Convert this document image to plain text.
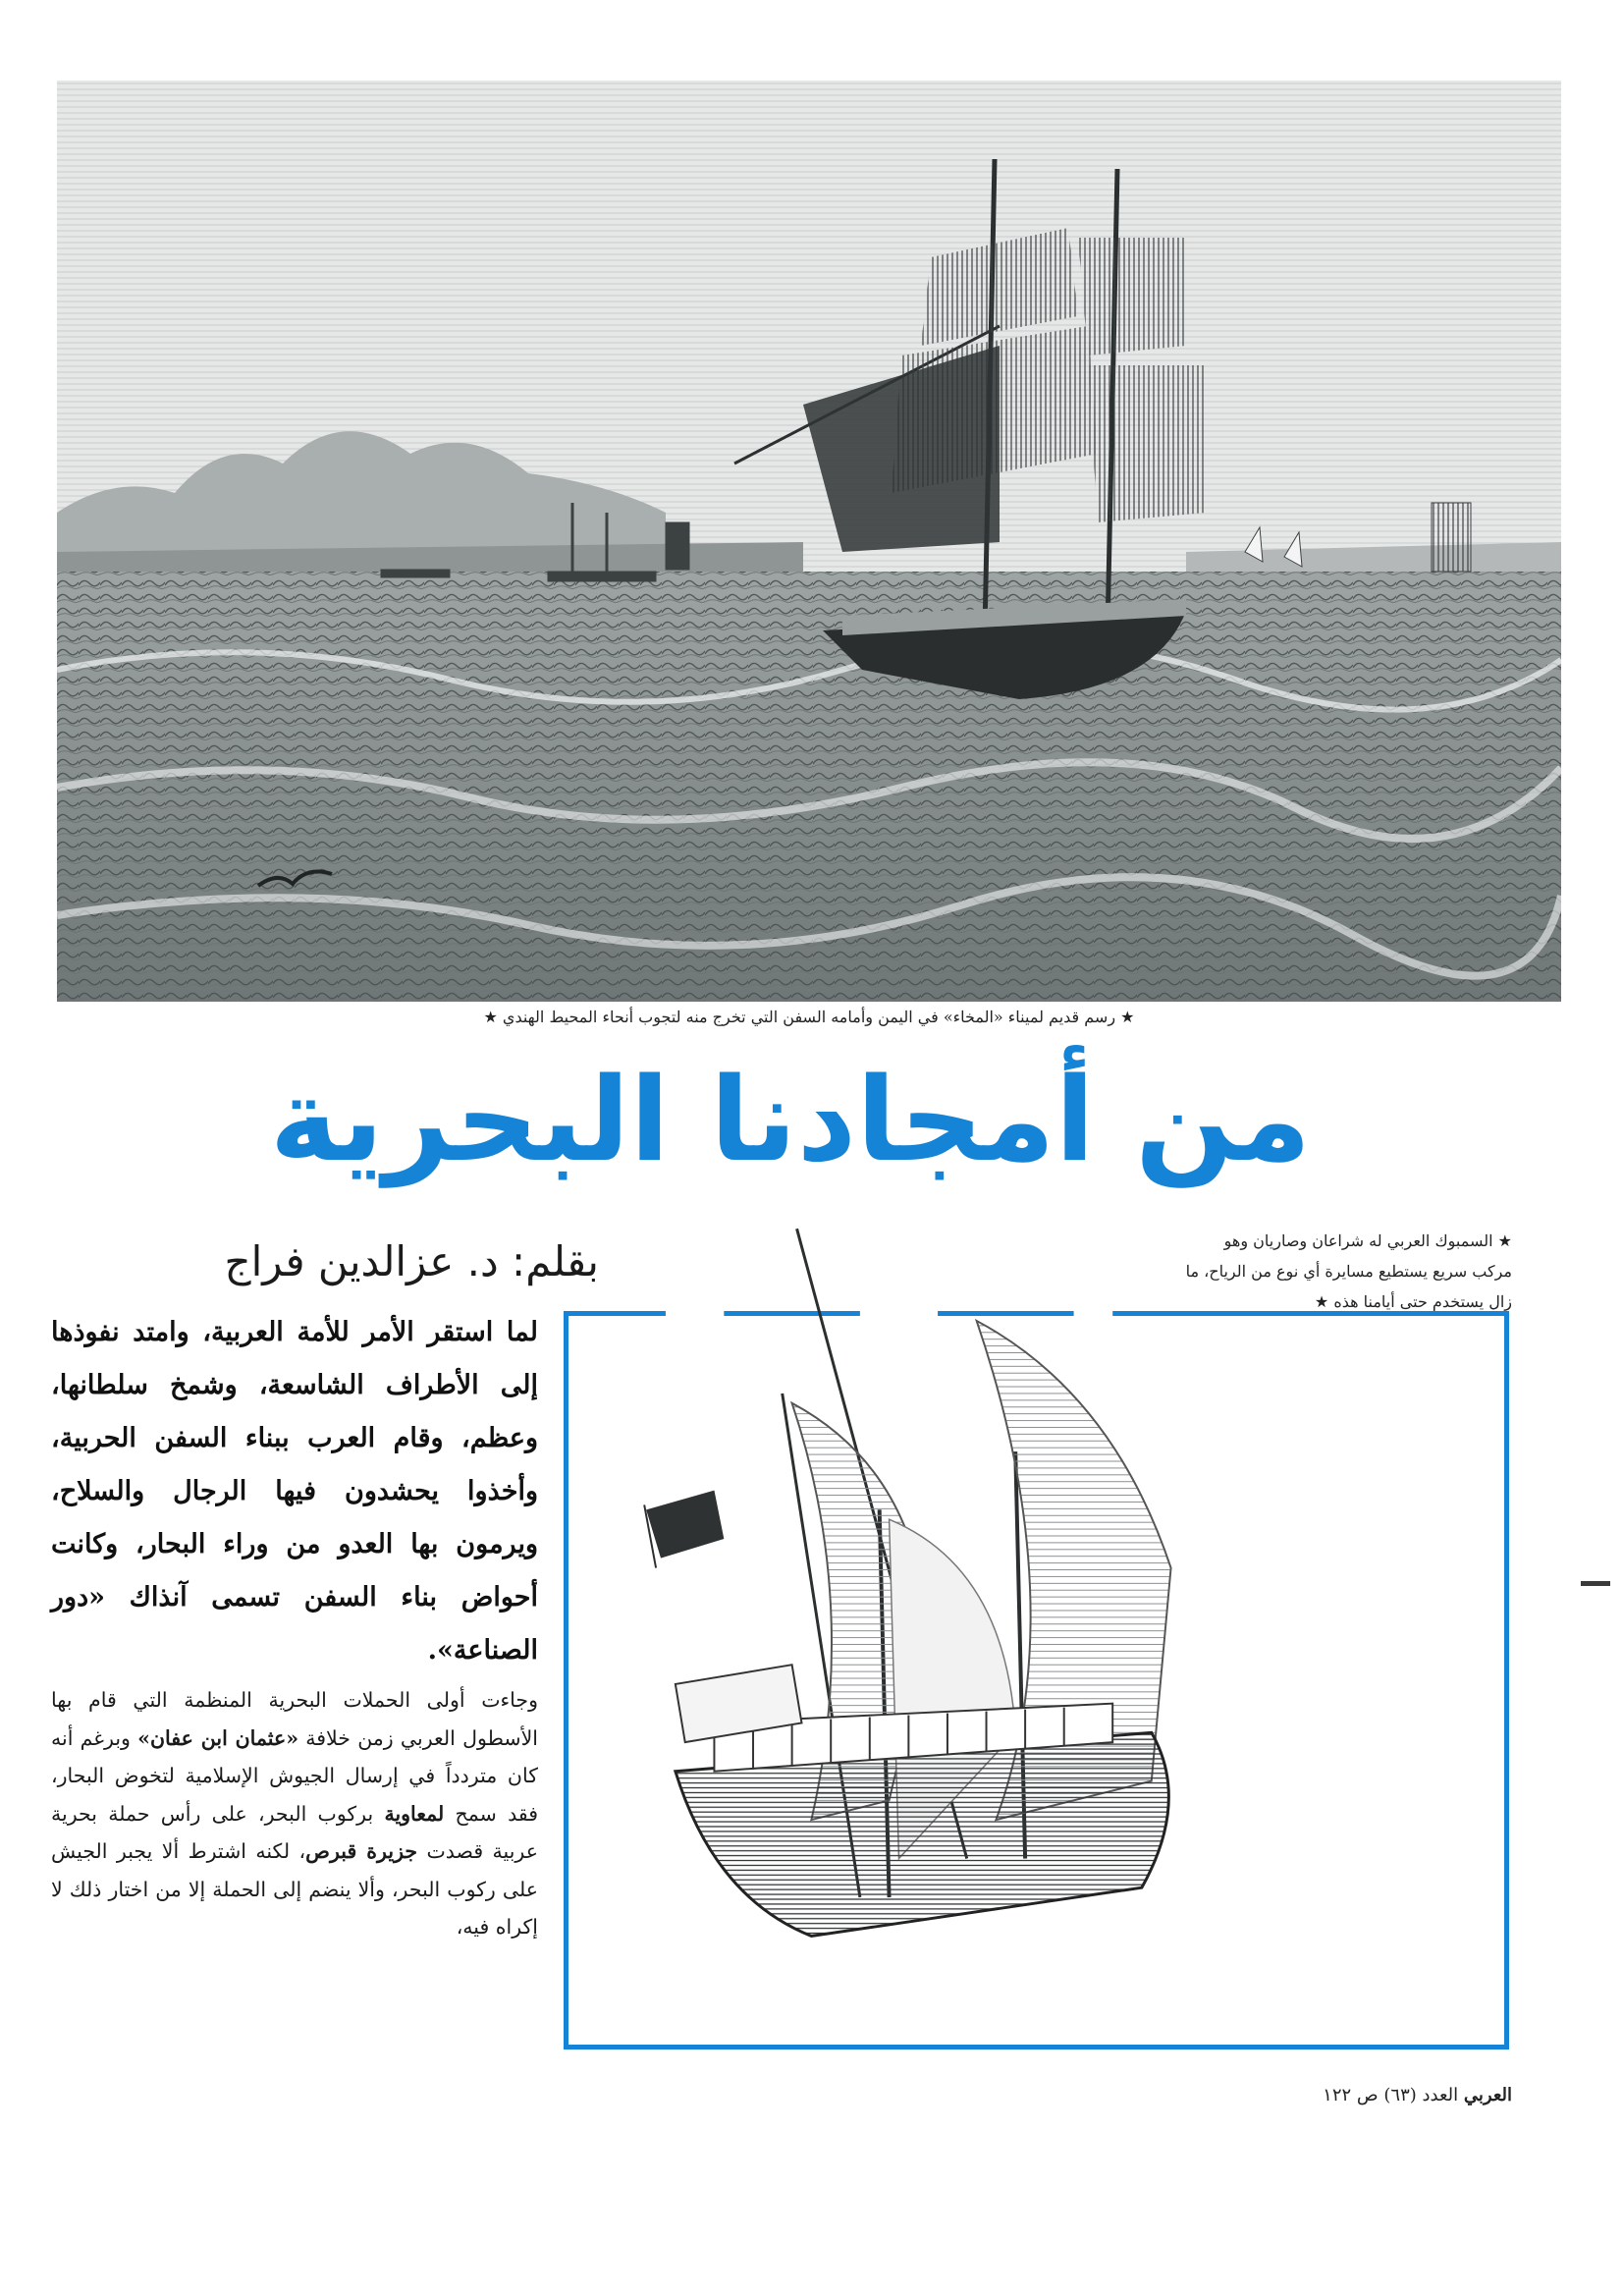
★ رسم قديم لميناء «المخاء» في اليمن وأمامه السفن التي تخرج منه لتجوب أنحاء المحيط الهندي ★
من أمجادنا البحرية
بقلم: د. عزالدين فراج	★ السمبوك العربي له شراعان وصاريان وهو مركب سريع يستطيع مسايرة أي نوع من الرياح، ما زال يستخدم حتى أيامنا هذه ★

لما استقر الأمر للأمة العربية، وامتد نفوذها إلى الأطراف الشاسعة، وشمخ سلطانها، وعظم، وقام العرب ببناء السفن الحربية، وأخذوا يحشدون فيها الرجال والسلاح، ويرمون بها العدو من وراء البحار، وكانت أحواض بناء السفن تسمى آنذاك «دور الصناعة».

وجاءت أولى الحملات البحرية المنظمة التي قام بها الأسطول العربي زمن خلافة «عثمان ابن عفان» وبرغم أنه كان متردداً في إرسال الجيوش الإسلامية لتخوض البحار، فقد سمح لمعاوية بركوب البحر، على رأس حملة بحرية عربية قصدت جزيرة قبرص، لكنه اشترط ألا يجبر الجيش على ركوب البحر، وألا ينضم إلى الحملة إلا من اختار ذلك لا إكراه فيه،

العربي العدد (٦٣) ص ١٢٢
